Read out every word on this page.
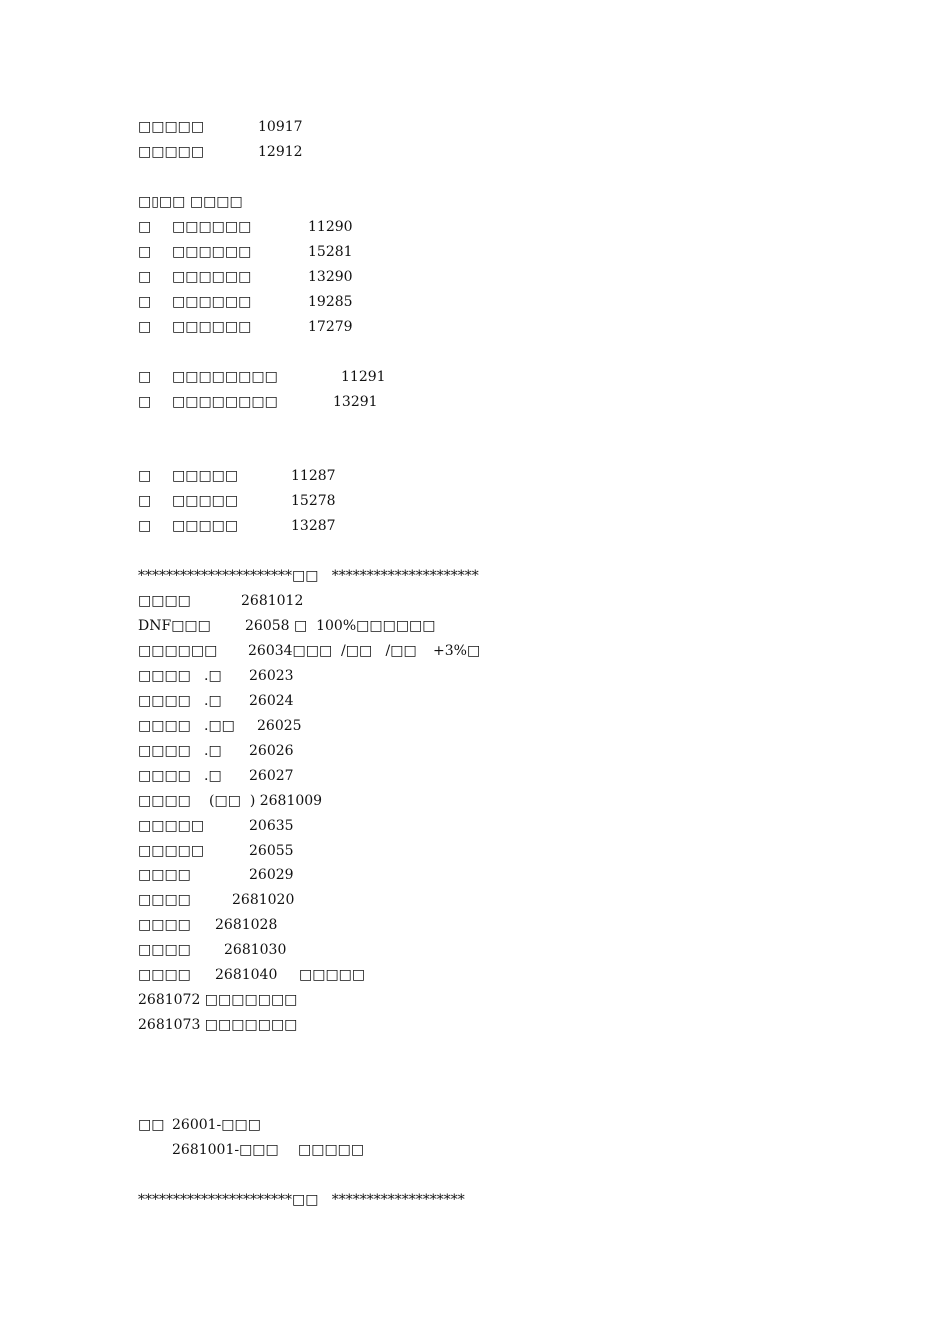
□□□□□	10917
□□□□□	12912
□▯□□ □□□□
□ □□□□□□	11290
□ □□□□□□	15281
□ □□□□□□	13290
□ □□□□□□	19285
□ □□□□□□	17279
□ □□□□□□□□	11291
□ □□□□□□□□	13291
□ □□□□□	11287
□ □□□□□	15278
□ □□□□□	13287
**********************□□   *********************
□□□□	2681012
DNF□□□ 26058 □  100%□□□□□□
□□□□□□ 26034□□□ /□□   /□□ +3%□
□□□□ .□ 26023
□□□□ .□ 26024
□□□□ .□□ 26025
□□□□ .□ 26026
□□□□ .□ 26027
□□□□ (□□  ) 2681009
□□□□□	20635
□□□□□	26055
□□□□	26029
□□□□	2681020
□□□□ 2681028
□□□□ 2681030
□□□□ 2681040 □□□□□
2681072 □□□□□□□
2681073 □□□□□□□
□□ 26001-□□□
2681001-□□□ □□□□□
**********************□□   *******************
